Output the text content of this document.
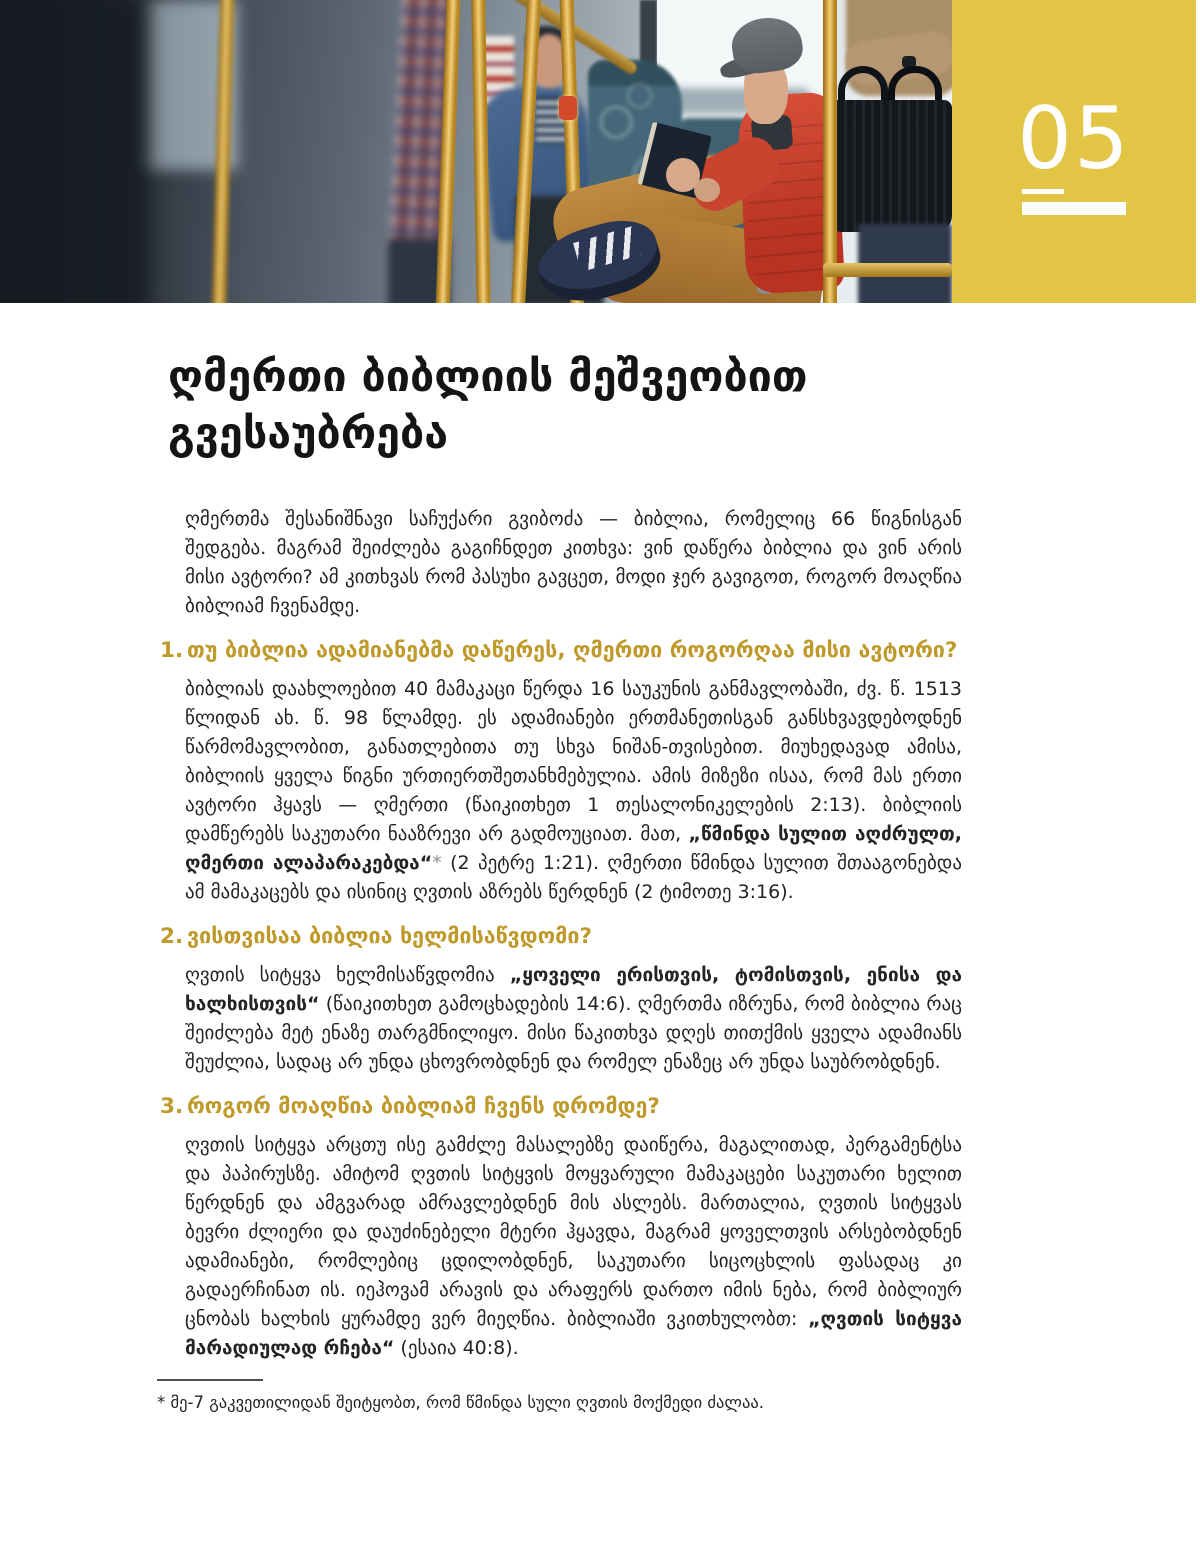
05
ღმერთი ბიბლიის მეშვეობით გვესაუბრება

ღმერთმა შესანიშნავი საჩუქარი გვიბოძა — ბიბლია, რომელიც 66 წიგნისგან შედგება. მაგრამ შეიძლება გაგიჩნდეთ კითხვა: ვინ დაწერა ბიბლია და ვინ არის მისი ავტორი? ამ კითხვას რომ პასუხი გავცეთ, მოდი ჯერ გავიგოთ, როგორ მოაღწია ბიბლიამ ჩვენამდე.

1. თუ ბიბლია ადამიანებმა დაწერეს, ღმერთი როგორღაა მისი ავტორი?

ბიბლიას დაახლოებით 40 მამაკაცი წერდა 16 საუკუნის განმავლობაში, ძვ. წ. 1513 წლიდან ახ. წ. 98 წლამდე. ეს ადამიანები ერთმანეთისგან განსხვავდებოდნენ წარმომავლობით, განათლებითა თუ სხვა ნიშან-თვისებით. მიუხედავად ამისა, ბიბლიის ყველა წიგნი ურთიერთშეთანხმებულია. ამის მიზეზი ისაა, რომ მას ერთი ავტორი ჰყავს — ღმერთი (წაიკითხეთ 1 თესალონიკელების 2:13). ბიბლიის დამწერებს საკუთარი ნააზრევი არ გადმოუციათ. მათ, „წმინდა სულით აღძრულთ, ღმერთი ალაპარაკებდა“* (2 პეტრე 1:21). ღმერთი წმინდა სულით შთააგონებდა ამ მამაკაცებს და ისინიც ღვთის აზრებს წერდნენ (2 ტიმოთე 3:16).

2. ვისთვისაა ბიბლია ხელმისაწვდომი?

ღვთის სიტყვა ხელმისაწვდომია „ყოველი ერისთვის, ტომისთვის, ენისა და ხალხისთვის“ (წაიკითხეთ გამოცხადების 14:6). ღმერთმა იზრუნა, რომ ბიბლია რაც შეიძლება მეტ ენაზე თარგმნილიყო. მისი წაკითხვა დღეს თითქმის ყველა ადამიანს შეუძლია, სადაც არ უნდა ცხოვრობდნენ და რომელ ენაზეც არ უნდა საუბრობდნენ.

3. როგორ მოაღწია ბიბლიამ ჩვენს დრომდე?

ღვთის სიტყვა არცთუ ისე გამძლე მასალებზე დაიწერა, მაგალითად, პერგამენტსა და პაპირუსზე. ამიტომ ღვთის სიტყვის მოყვარული მამაკაცები საკუთარი ხელით წერდნენ და ამგვარად ამრავლებდნენ მის ასლებს. მართალია, ღვთის სიტყვას ბევრი ძლიერი და დაუძინებელი მტერი ჰყავდა, მაგრამ ყოველთვის არსებობდნენ ადამიანები, რომლებიც ცდილობდნენ, საკუთარი სიცოცხლის ფასადაც კი გადაერჩინათ ის. იეჰოვამ არავის და არაფერს დართო იმის ნება, რომ ბიბლიურ ცნობას ხალხის ყურამდე ვერ მიეღწია. ბიბლიაში ვკითხულობთ: „ღვთის სიტყვა მარადიულად რჩება“ (ესაია 40:8).

* მე-7 გაკვეთილიდან შეიტყობთ, რომ წმინდა სული ღვთის მოქმედი ძალაა.
